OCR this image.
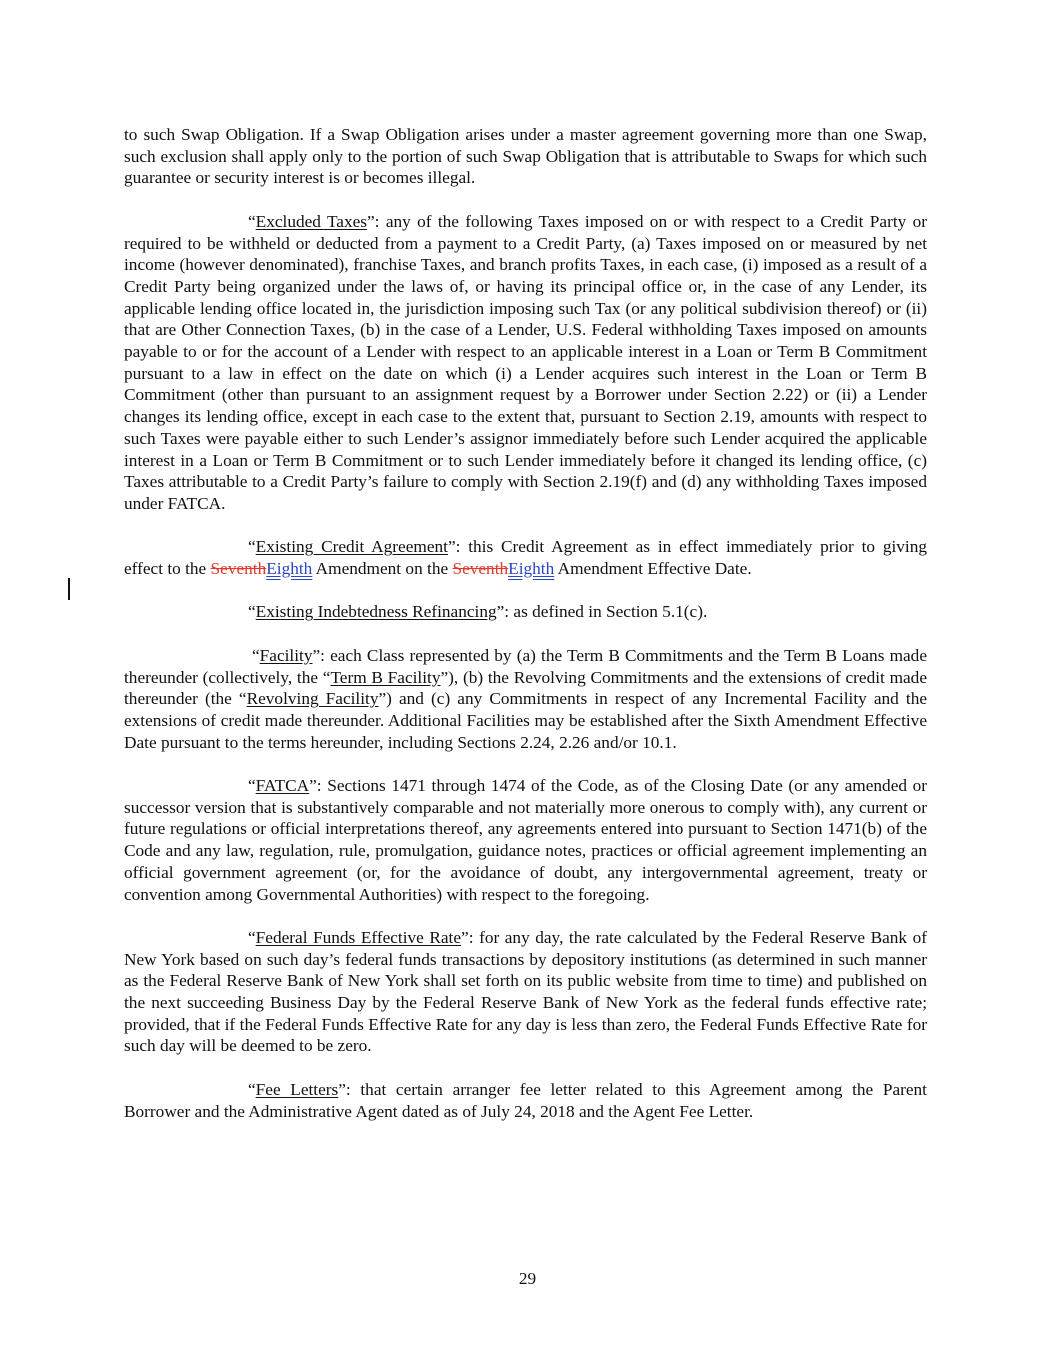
to such Swap Obligation. If a Swap Obligation arises under a master agreement governing more than one Swap, such exclusion shall apply only to the portion of such Swap Obligation that is attributable to Swaps for which such guarantee or security interest is or becomes illegal.

“Excluded Taxes”: any of the following Taxes imposed on or with respect to a Credit Party or required to be withheld or deducted from a payment to a Credit Party, (a) Taxes imposed on or measured by net income (however denominated), franchise Taxes, and branch profits Taxes, in each case, (i) imposed as a result of a Credit Party being organized under the laws of, or having its principal office or, in the case of any Lender, its applicable lending office located in, the jurisdiction imposing such Tax (or any political subdivision thereof) or (ii) that are Other Connection Taxes, (b) in the case of a Lender, U.S. Federal withholding Taxes imposed on amounts payable to or for the account of a Lender with respect to an applicable interest in a Loan or Term B Commitment pursuant to a law in effect on the date on which (i) a Lender acquires such interest in the Loan or Term B Commitment (other than pursuant to an assignment request by a Borrower under Section 2.22) or (ii) a Lender changes its lending office, except in each case to the extent that, pursuant to Section 2.19, amounts with respect to such Taxes were payable either to such Lender’s assignor immediately before such Lender acquired the applicable interest in a Loan or Term B Commitment or to such Lender immediately before it changed its lending office, (c) Taxes attributable to a Credit Party’s failure to comply with Section 2.19(f) and (d) any withholding Taxes imposed under FATCA.

“Existing Credit Agreement”: this Credit Agreement as in effect immediately prior to giving effect to the SeventhEighth Amendment on the SeventhEighth Amendment Effective Date.

“Existing Indebtedness Refinancing”: as defined in Section 5.1(c).

“Facility”: each Class represented by (a) the Term B Commitments and the Term B Loans made thereunder (collectively, the “Term B Facility”), (b) the Revolving Commitments and the extensions of credit made thereunder (the “Revolving Facility”) and (c) any Commitments in respect of any Incremental Facility and the extensions of credit made thereunder. Additional Facilities may be established after the Sixth Amendment Effective Date pursuant to the terms hereunder, including Sections 2.24, 2.26 and/or 10.1.

“FATCA”: Sections 1471 through 1474 of the Code, as of the Closing Date (or any amended or successor version that is substantively comparable and not materially more onerous to comply with), any current or future regulations or official interpretations thereof, any agreements entered into pursuant to Section 1471(b) of the Code and any law, regulation, rule, promulgation, guidance notes, practices or official agreement implementing an official government agreement (or, for the avoidance of doubt, any intergovernmental agreement, treaty or convention among Governmental Authorities) with respect to the foregoing.

“Federal Funds Effective Rate”: for any day, the rate calculated by the Federal Reserve Bank of New York based on such day’s federal funds transactions by depository institutions (as determined in such manner as the Federal Reserve Bank of New York shall set forth on its public website from time to time) and published on the next succeeding Business Day by the Federal Reserve Bank of New York as the federal funds effective rate; provided, that if the Federal Funds Effective Rate for any day is less than zero, the Federal Funds Effective Rate for such day will be deemed to be zero.

“Fee Letters”: that certain arranger fee letter related to this Agreement among the Parent Borrower and the Administrative Agent dated as of July 24, 2018 and the Agent Fee Letter.

29
